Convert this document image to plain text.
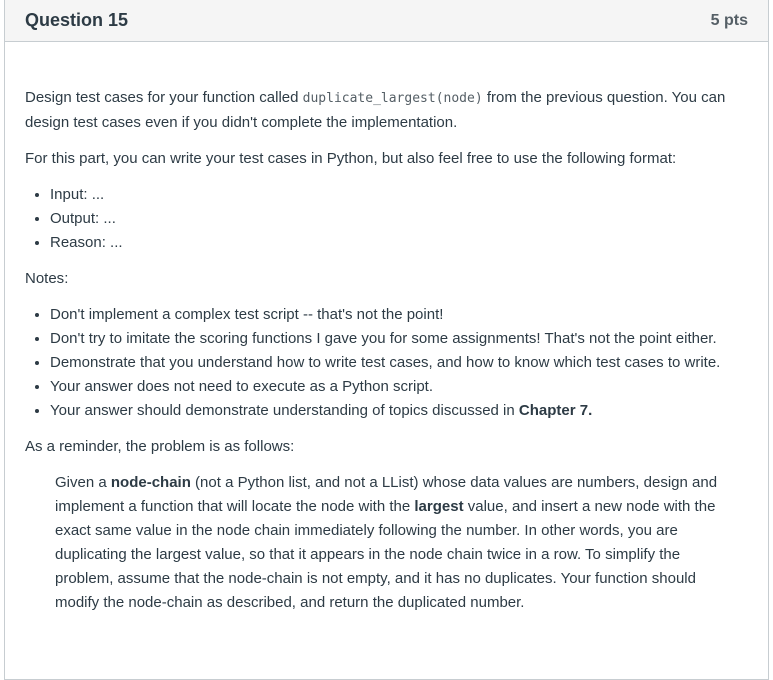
Question 15	5 pts

Design test cases for your function called duplicate_largest(node) from the previous question. You can design test cases even if you didn't complete the implementation.

For this part, you can write your test cases in Python, but also feel free to use the following format:

• Input: ...
• Output: ...
• Reason: ...

Notes:

• Don't implement a complex test script -- that's not the point!
• Don't try to imitate the scoring functions I gave you for some assignments! That's not the point either.
• Demonstrate that you understand how to write test cases, and how to know which test cases to write.
• Your answer does not need to execute as a Python script.
• Your answer should demonstrate understanding of topics discussed in Chapter 7.

As a reminder, the problem is as follows:

Given a node-chain (not a Python list, and not a LList) whose data values are numbers, design and implement a function that will locate the node with the largest value, and insert a new node with the exact same value in the node chain immediately following the number. In other words, you are duplicating the largest value, so that it appears in the node chain twice in a row. To simplify the problem, assume that the node-chain is not empty, and it has no duplicates. Your function should modify the node-chain as described, and return the duplicated number.
